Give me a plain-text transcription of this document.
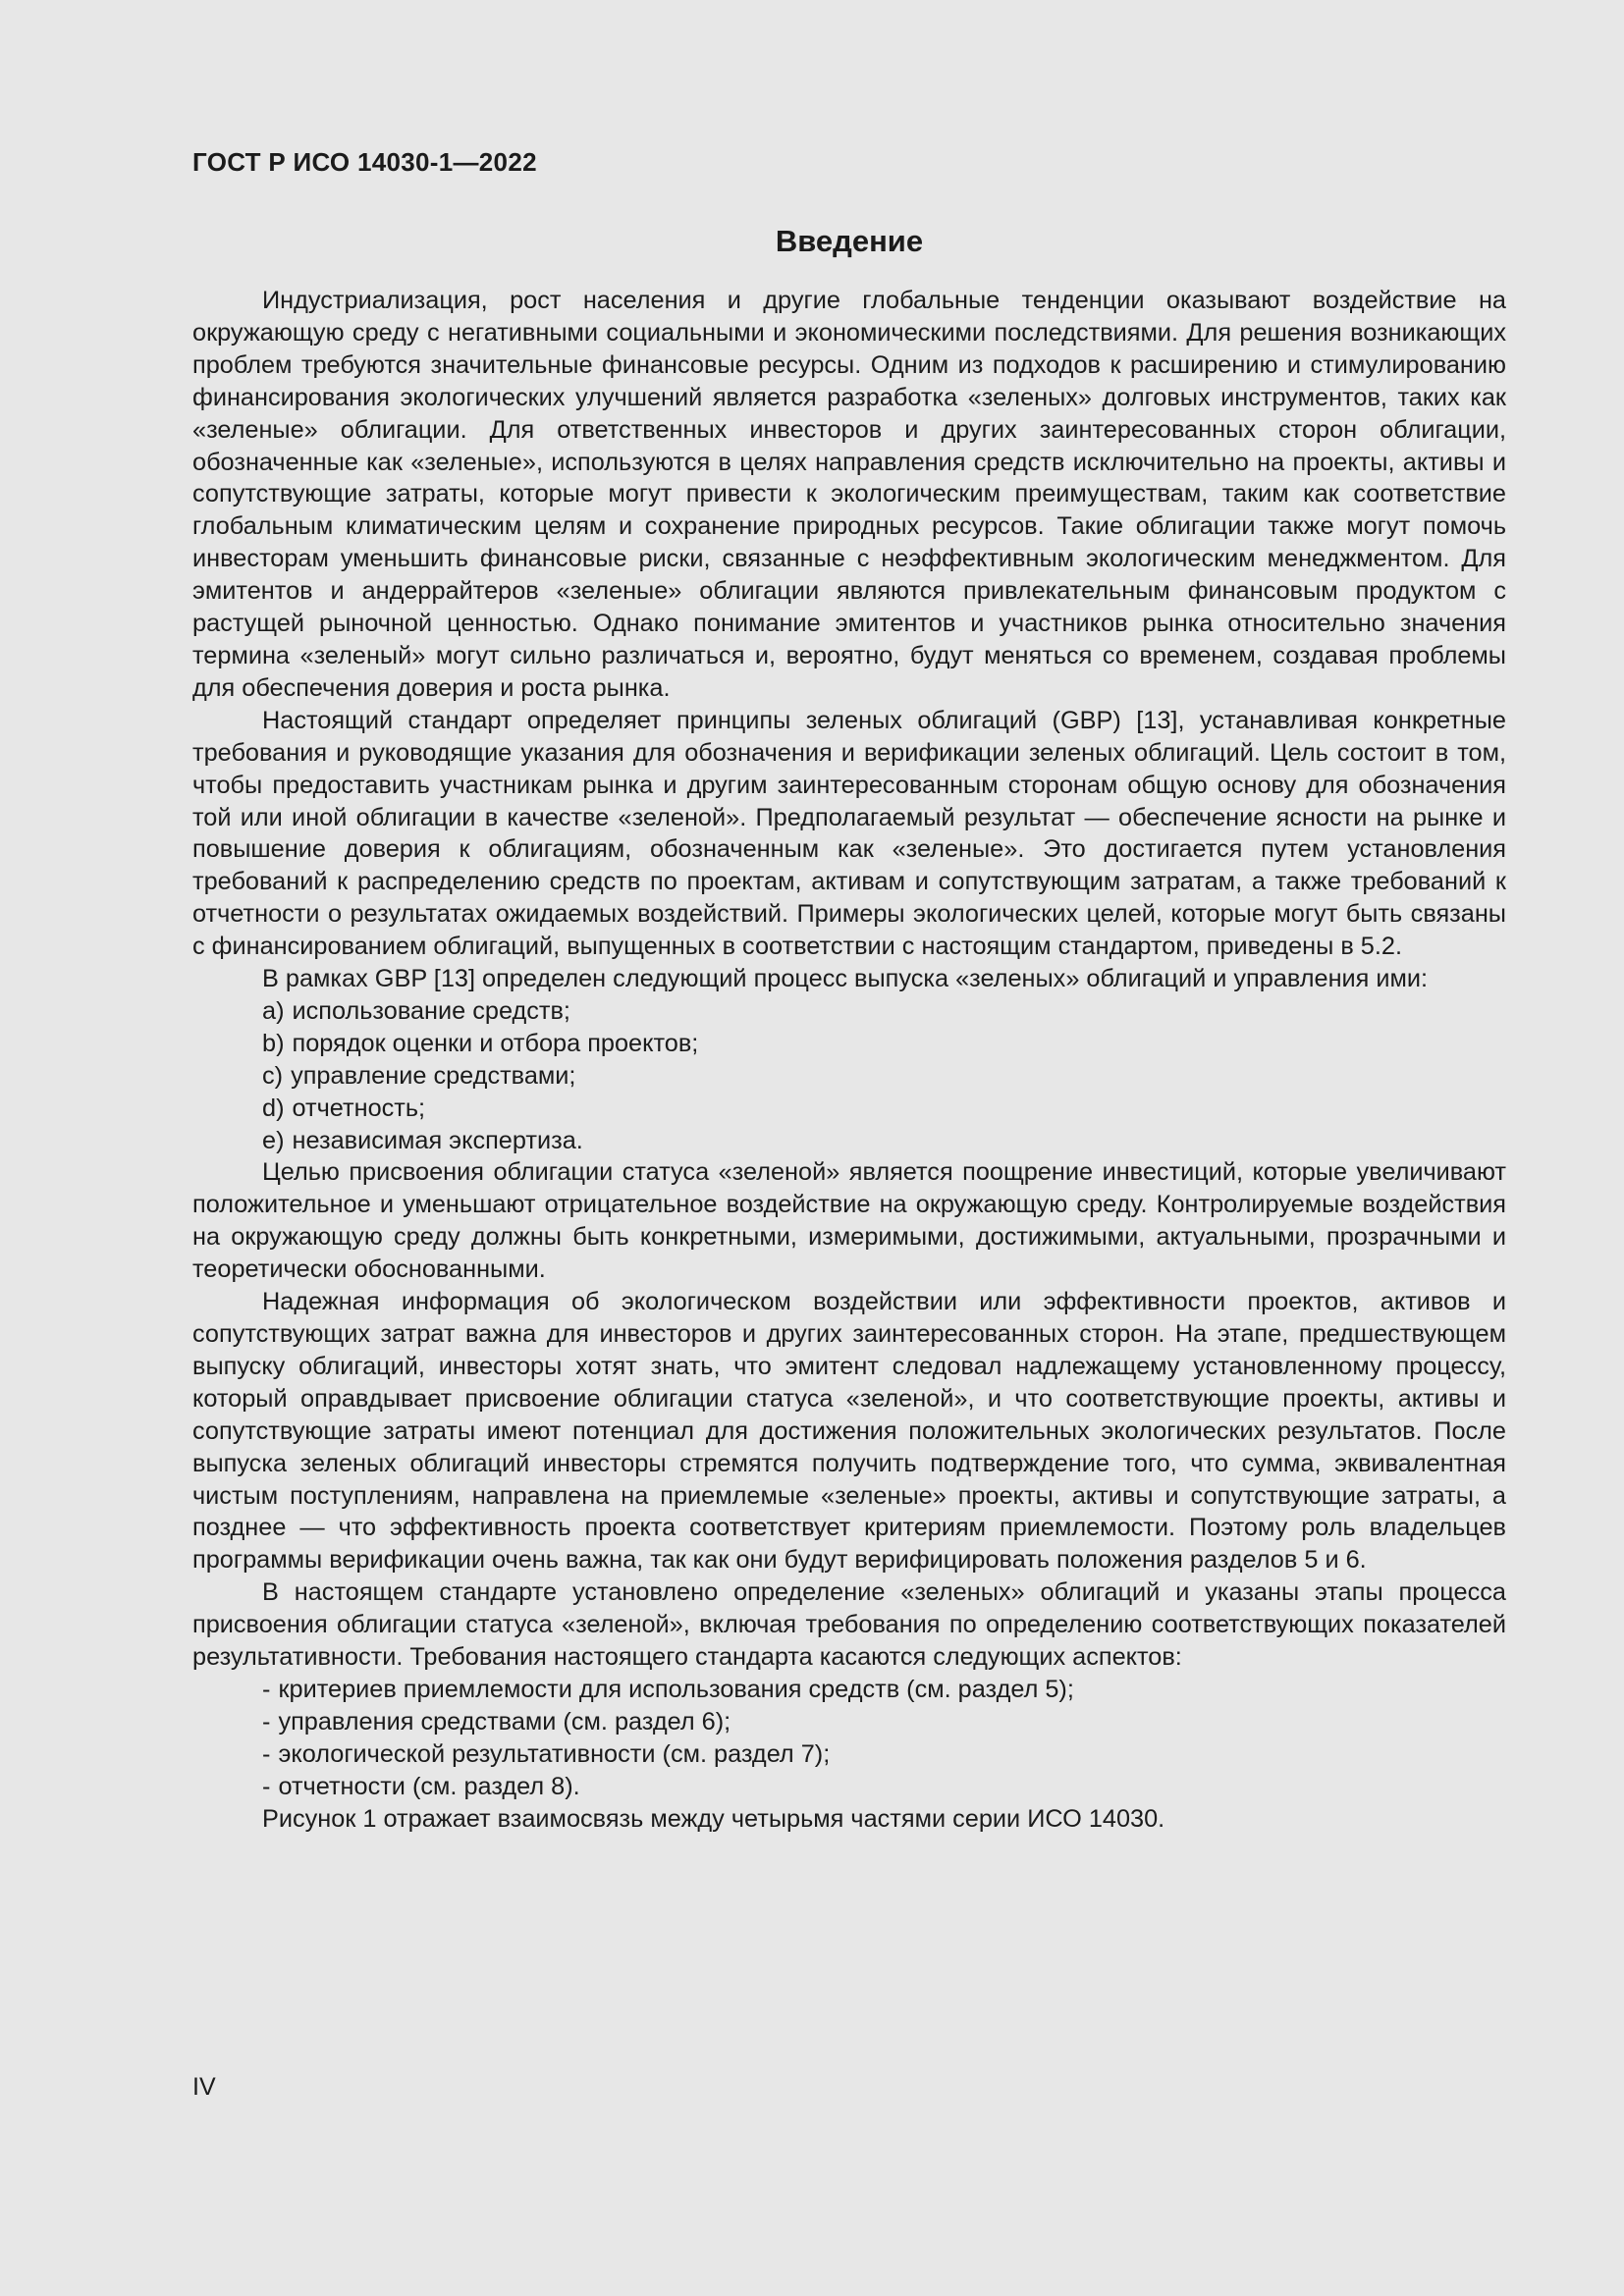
ГОСТ Р ИСО 14030-1—2022
Введение

Индустриализация, рост населения и другие глобальные тенденции оказывают воздействие на окружающую среду с негативными социальными и экономическими последствиями. Для решения возникающих проблем требуются значительные финансовые ресурсы. Одним из подходов к расширению и стимулированию финансирования экологических улучшений является разработка «зеленых» долговых инструментов, таких как «зеленые» облигации. Для ответственных инвесторов и других заинтересованных сторон облигации, обозначенные как «зеленые», используются в целях направления средств исключительно на проекты, активы и сопутствующие затраты, которые могут привести к экологическим преимуществам, таким как соответствие глобальным климатическим целям и сохранение природных ресурсов. Такие облигации также могут помочь инвесторам уменьшить финансовые риски, связанные с неэффективным экологическим менеджментом. Для эмитентов и андеррайтеров «зеленые» облигации являются привлекательным финансовым продуктом с растущей рыночной ценностью. Однако понимание эмитентов и участников рынка относительно значения термина «зеленый» могут сильно различаться и, вероятно, будут меняться со временем, создавая проблемы для обеспечения доверия и роста рынка.

Настоящий стандарт определяет принципы зеленых облигаций (GBP) [13], устанавливая конкретные требования и руководящие указания для обозначения и верификации зеленых облигаций. Цель состоит в том, чтобы предоставить участникам рынка и другим заинтересованным сторонам общую основу для обозначения той или иной облигации в качестве «зеленой». Предполагаемый результат — обеспечение ясности на рынке и повышение доверия к облигациям, обозначенным как «зеленые». Это достигается путем установления требований к распределению средств по проектам, активам и сопутствующим затратам, а также требований к отчетности о результатах ожидаемых воздействий. Примеры экологических целей, которые могут быть связаны с финансированием облигаций, выпущенных в соответствии с настоящим стандартом, приведены в 5.2.

В рамках GBP [13] определен следующий процесс выпуска «зеленых» облигаций и управления ими:

a) использование средств;
b) порядок оценки и отбора проектов;
c) управление средствами;
d) отчетность;
e) независимая экспертиза.

Целью присвоения облигации статуса «зеленой» является поощрение инвестиций, которые увеличивают положительное и уменьшают отрицательное воздействие на окружающую среду. Контролируемые воздействия на окружающую среду должны быть конкретными, измеримыми, достижимыми, актуальными, прозрачными и теоретически обоснованными.

Надежная информация об экологическом воздействии или эффективности проектов, активов и сопутствующих затрат важна для инвесторов и других заинтересованных сторон. На этапе, предшествующем выпуску облигаций, инвесторы хотят знать, что эмитент следовал надлежащему установленному процессу, который оправдывает присвоение облигации статуса «зеленой», и что соответствующие проекты, активы и сопутствующие затраты имеют потенциал для достижения положительных экологических результатов. После выпуска зеленых облигаций инвесторы стремятся получить подтверждение того, что сумма, эквивалентная чистым поступлениям, направлена на приемлемые «зеленые» проекты, активы и сопутствующие затраты, а позднее — что эффективность проекта соответствует критериям приемлемости. Поэтому роль владельцев программы верификации очень важна, так как они будут верифицировать положения разделов 5 и 6.

В настоящем стандарте установлено определение «зеленых» облигаций и указаны этапы процесса присвоения облигации статуса «зеленой», включая требования по определению соответствующих показателей результативности. Требования настоящего стандарта касаются следующих аспектов:

- критериев приемлемости для использования средств (см. раздел 5);
- управления средствами (см. раздел 6);
- экологической результативности (см. раздел 7);
- отчетности (см. раздел 8).

Рисунок 1 отражает взаимосвязь между четырьмя частями серии ИСО 14030.

IV
